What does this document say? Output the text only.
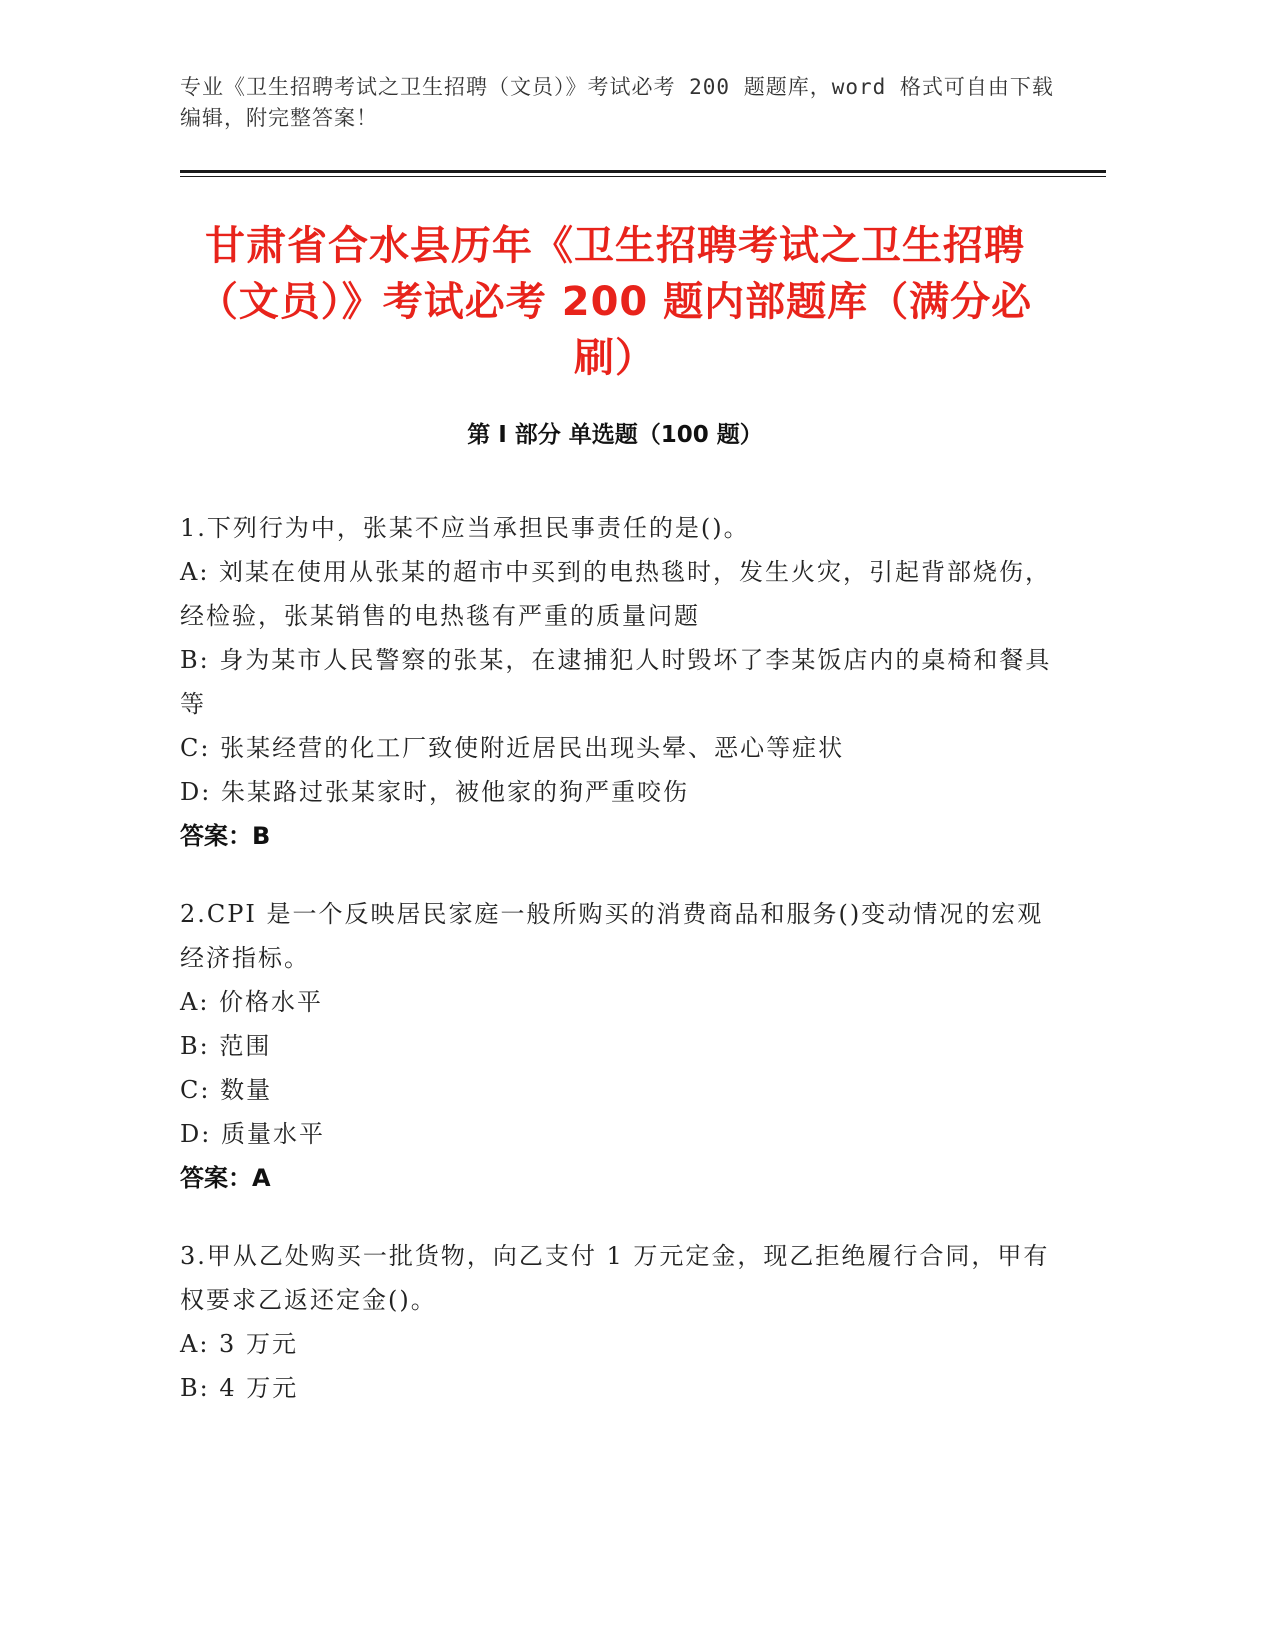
专业《卫生招聘考试之卫生招聘（文员）》考试必考 200 题题库，word 格式可自由下载编辑，附完整答案！
甘肃省合水县历年《卫生招聘考试之卫生招聘（文员）》考试必考 200 题内部题库（满分必刷）
第 I 部分 单选题（100 题）

1.下列行为中，张某不应当承担民事责任的是()。

A: 刘某在使用从张某的超市中买到的电热毯时，发生火灾，引起背部烧伤，经检验，张某销售的电热毯有严重的质量问题

B: 身为某市人民警察的张某，在逮捕犯人时毁坏了李某饭店内的桌椅和餐具等

C: 张某经营的化工厂致使附近居民出现头晕、恶心等症状

D: 朱某路过张某家时，被他家的狗严重咬伤

答案：B

2.CPI 是一个反映居民家庭一般所购买的消费商品和服务()变动情况的宏观经济指标。

A: 价格水平

B: 范围

C: 数量

D: 质量水平

答案：A

3.甲从乙处购买一批货物，向乙支付 1 万元定金，现乙拒绝履行合同，甲有权要求乙返还定金()。

A: 3 万元

B: 4 万元
